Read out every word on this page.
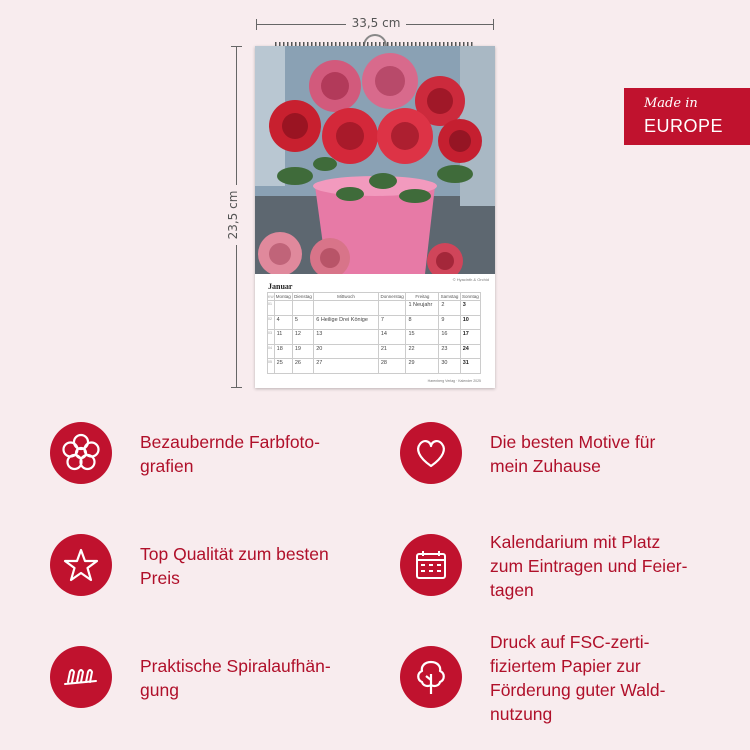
33,5 cm
23,5 cm
© Hyacinth & Orchid
Januar
KW	Montag	Dienstag	Mittwoch	Donnerstag	Freitag	Samstag	Sonntag
01					1 Neujahr	2	3
02	4	5	6 Heilige Drei Könige	7	8	9	10
03	11	12	13	14	15	16	17
04	18	19	20	21	22	23	24
05	25	26	27	28	29	30	31
Harenberg Verlag · Kalender 2025
Made in
EUROPE
Bezaubernde Farbfoto-
grafien
Die besten Motive für
mein Zuhause
Top Qualität zum besten
Preis
Kalendarium mit Platz
zum Eintragen und Feier-
tagen
Praktische Spiralaufhän-
gung
Druck auf FSC-zerti-
fiziertem Papier zur
Förderung guter Wald-
nutzung
